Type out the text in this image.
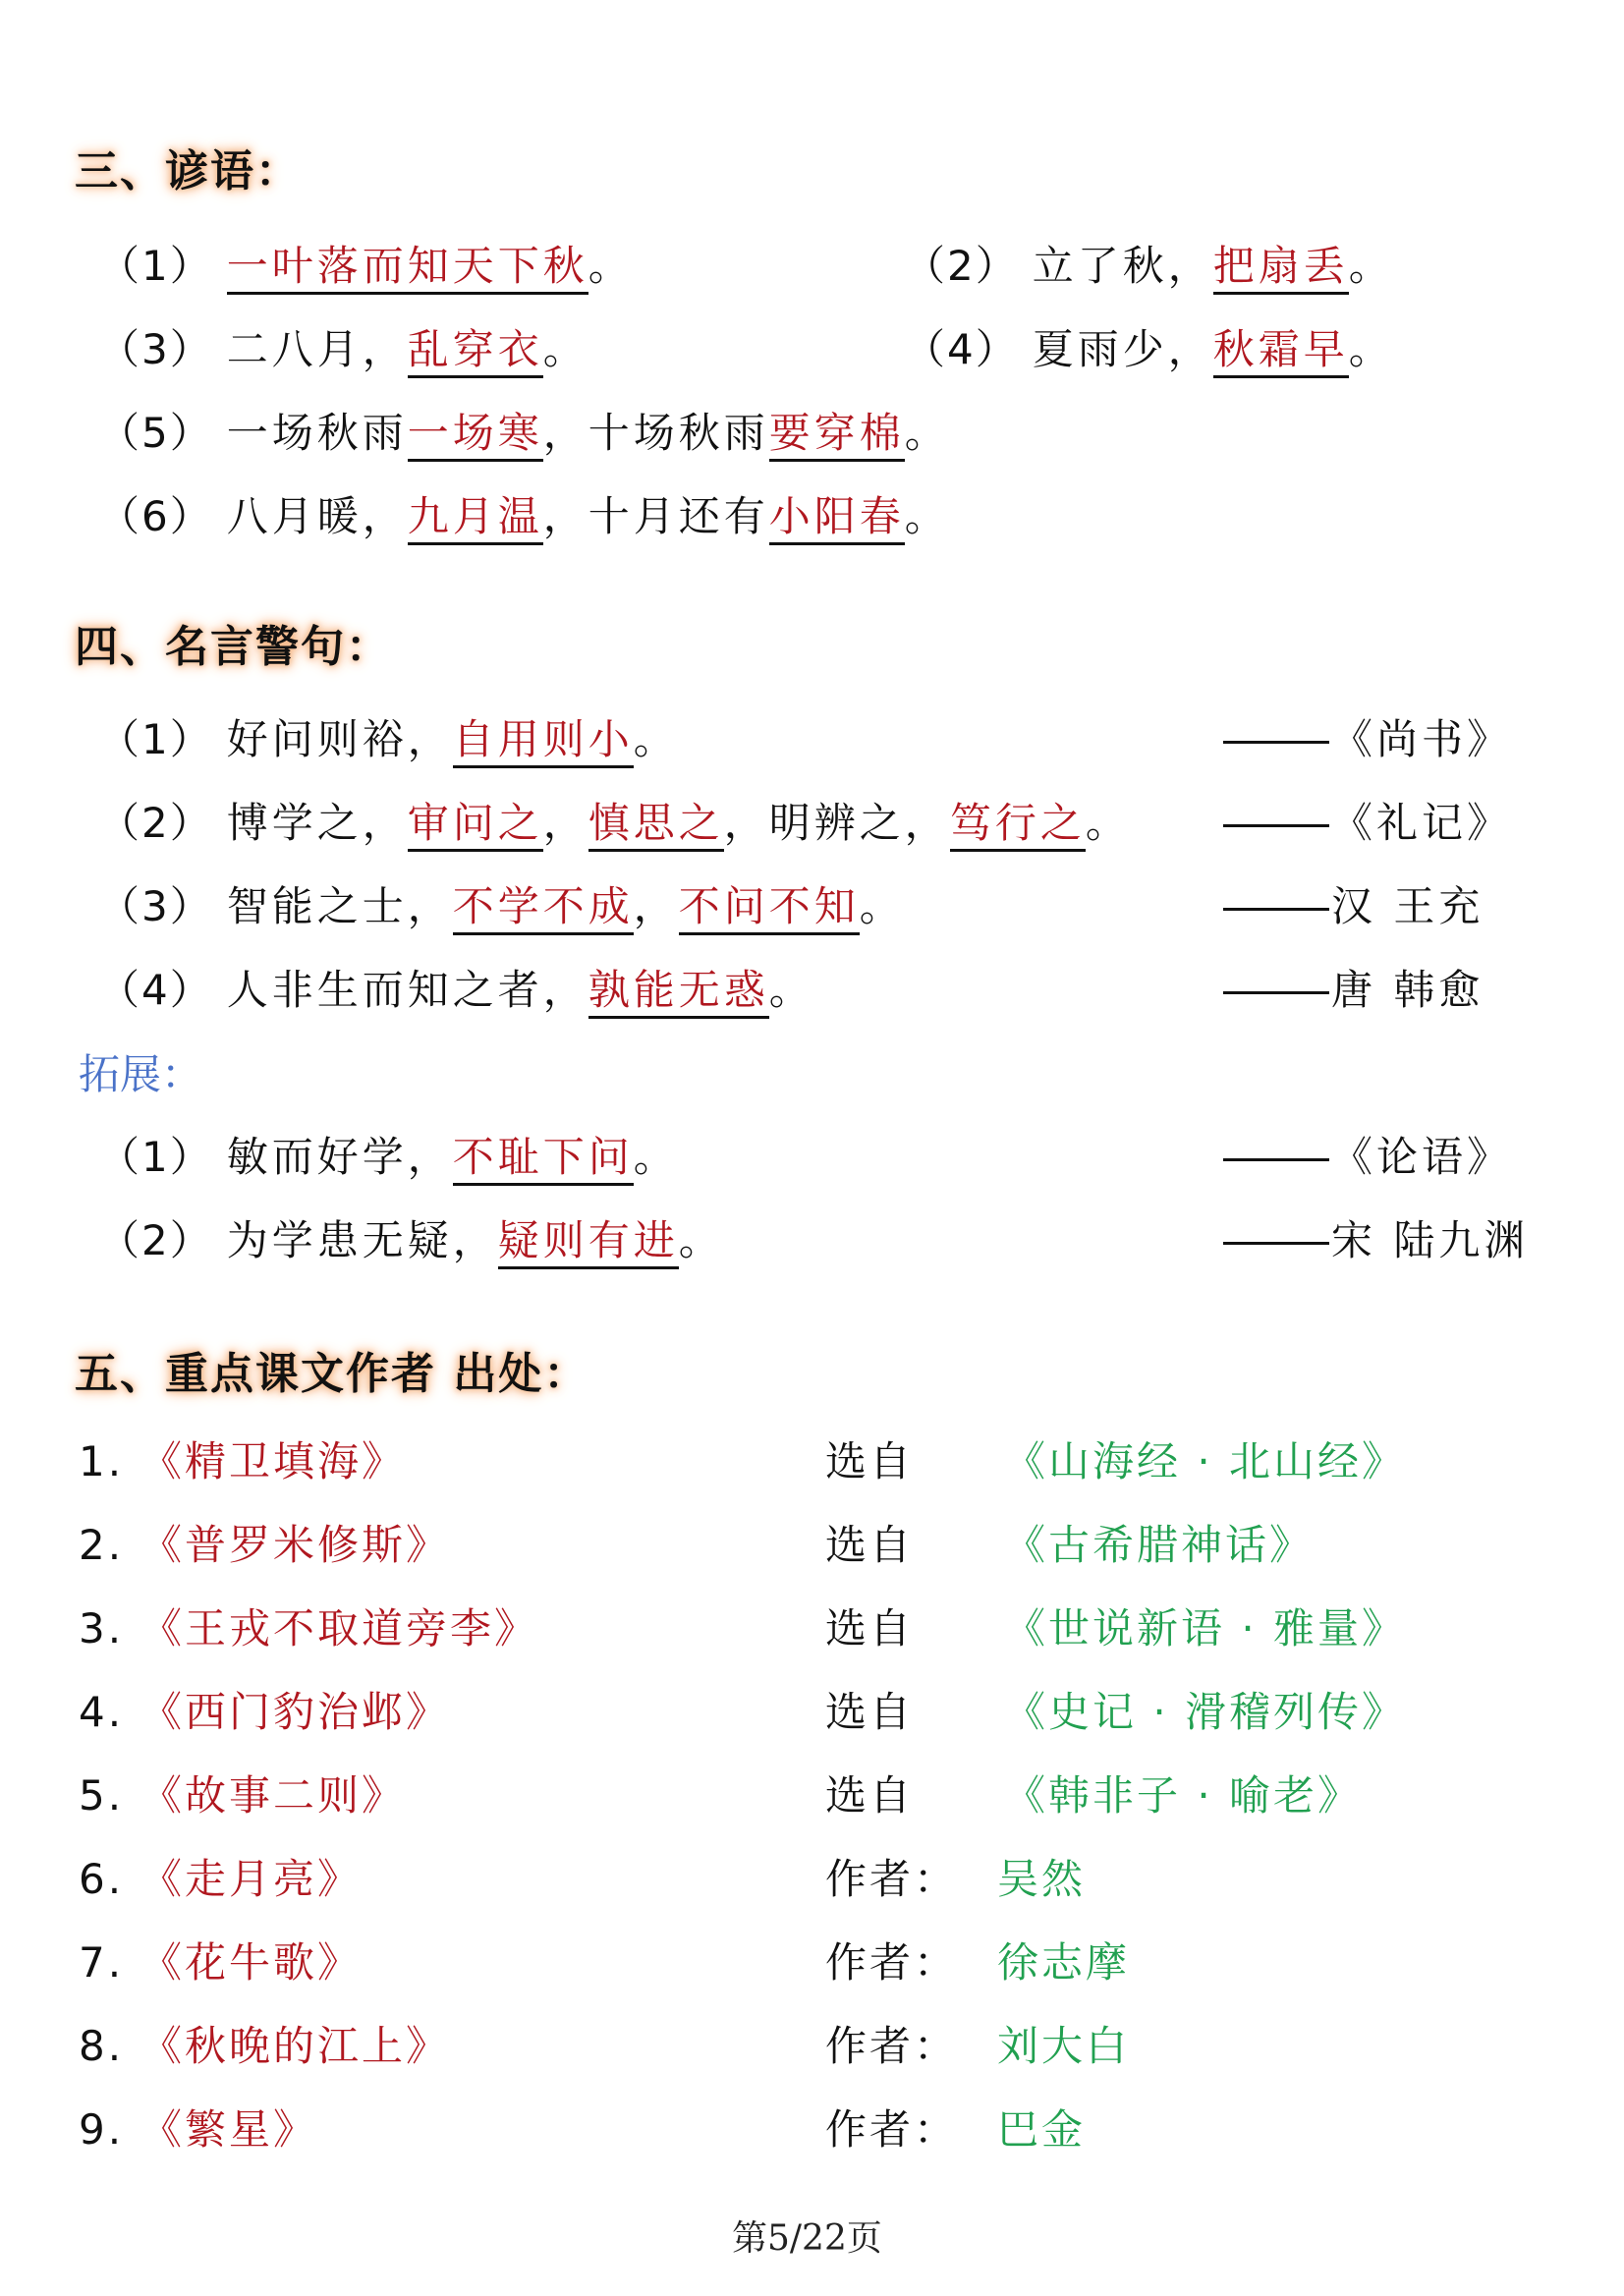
三、谚语：
（1） 一叶落而知天下秋。	（2） 立了秋，把扇丢。
（3） 二八月，乱穿衣。	（4） 夏雨少，秋霜早。
（5） 一场秋雨一场寒，十场秋雨要穿棉。
（6） 八月暖，九月温，十月还有小阳春。
四、名言警句：
（1） 好问则裕，自用则小。	《尚书》
（2） 博学之，审问之，慎思之，明辨之，笃行之。	《礼记》
（3） 智能之士，不学不成，不问不知。	汉 王充
（4） 人非生而知之者，孰能无惑。	唐 韩愈
拓展：
（1） 敏而好学，不耻下问。	《论语》
（2） 为学患无疑，疑则有进。	宋 陆九渊
五、重点课文作者 出处：
1. 《精卫填海》	选自 《山海经 · 北山经》
2. 《普罗米修斯》	选自 《古希腊神话》
3. 《王戎不取道旁李》	选自 《世说新语 · 雅量》
4. 《西门豹治邺》	选自 《史记 · 滑稽列传》
5. 《故事二则》	选自 《韩非子 · 喻老》
6. 《走月亮》	作者： 吴然
7. 《花牛歌》	作者： 徐志摩
8. 《秋晚的江上》	作者： 刘大白
9. 《繁星》	作者： 巴金
第5/22页
